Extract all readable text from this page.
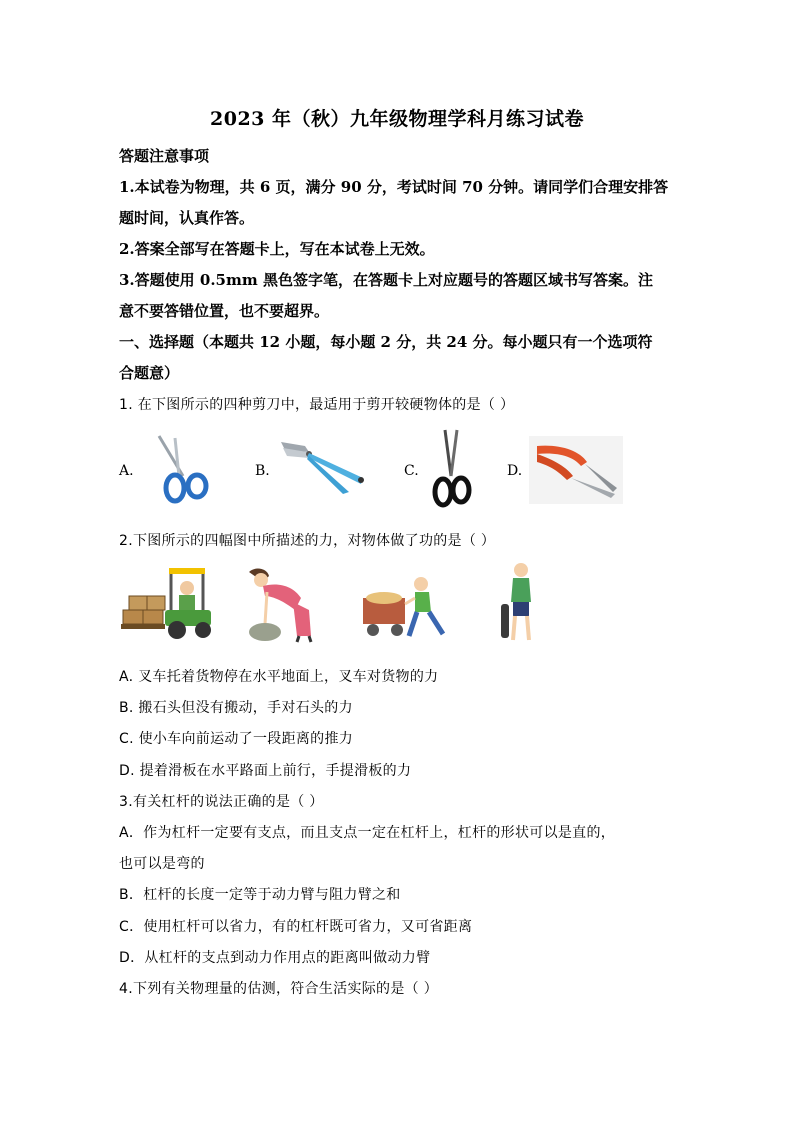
2023 年（秋）九年级物理学科月练习试卷
答题注意事项
1.本试卷为物理，共 6 页，满分 90 分，考试时间 70 分钟。请同学们合理安排答
题时间，认真作答。
2.答案全部写在答题卡上，写在本试卷上无效。
3.答题使用 0.5mm 黑色签字笔，在答题卡上对应题号的答题区域书写答案。注
意不要答错位置，也不要超界。
一、选择题（本题共 12 小题，每小题 2 分，共 24 分。每小题只有一个选项符
合题意）
1. 在下图所示的四种剪刀中，最适用于剪开较硬物体的是（ ）
A.	B.	C.	D.
2.下图所示的四幅图中所描述的力，对物体做了功的是（ ）
A. 叉车托着货物停在水平地面上，叉车对货物的力
B. 搬石头但没有搬动，手对石头的力
C. 使小车向前运动了一段距离的推力
D. 提着滑板在水平路面上前行，手提滑板的力
3.有关杠杆的说法正确的是（ ）
A．作为杠杆一定要有支点，而且支点一定在杠杆上，杠杆的形状可以是直的，
也可以是弯的
B．杠杆的长度一定等于动力臂与阻力臂之和
C．使用杠杆可以省力，有的杠杆既可省力，又可省距离
D．从杠杆的支点到动力作用点的距离叫做动力臂
4.下列有关物理量的估测，符合生活实际的是（ ）
